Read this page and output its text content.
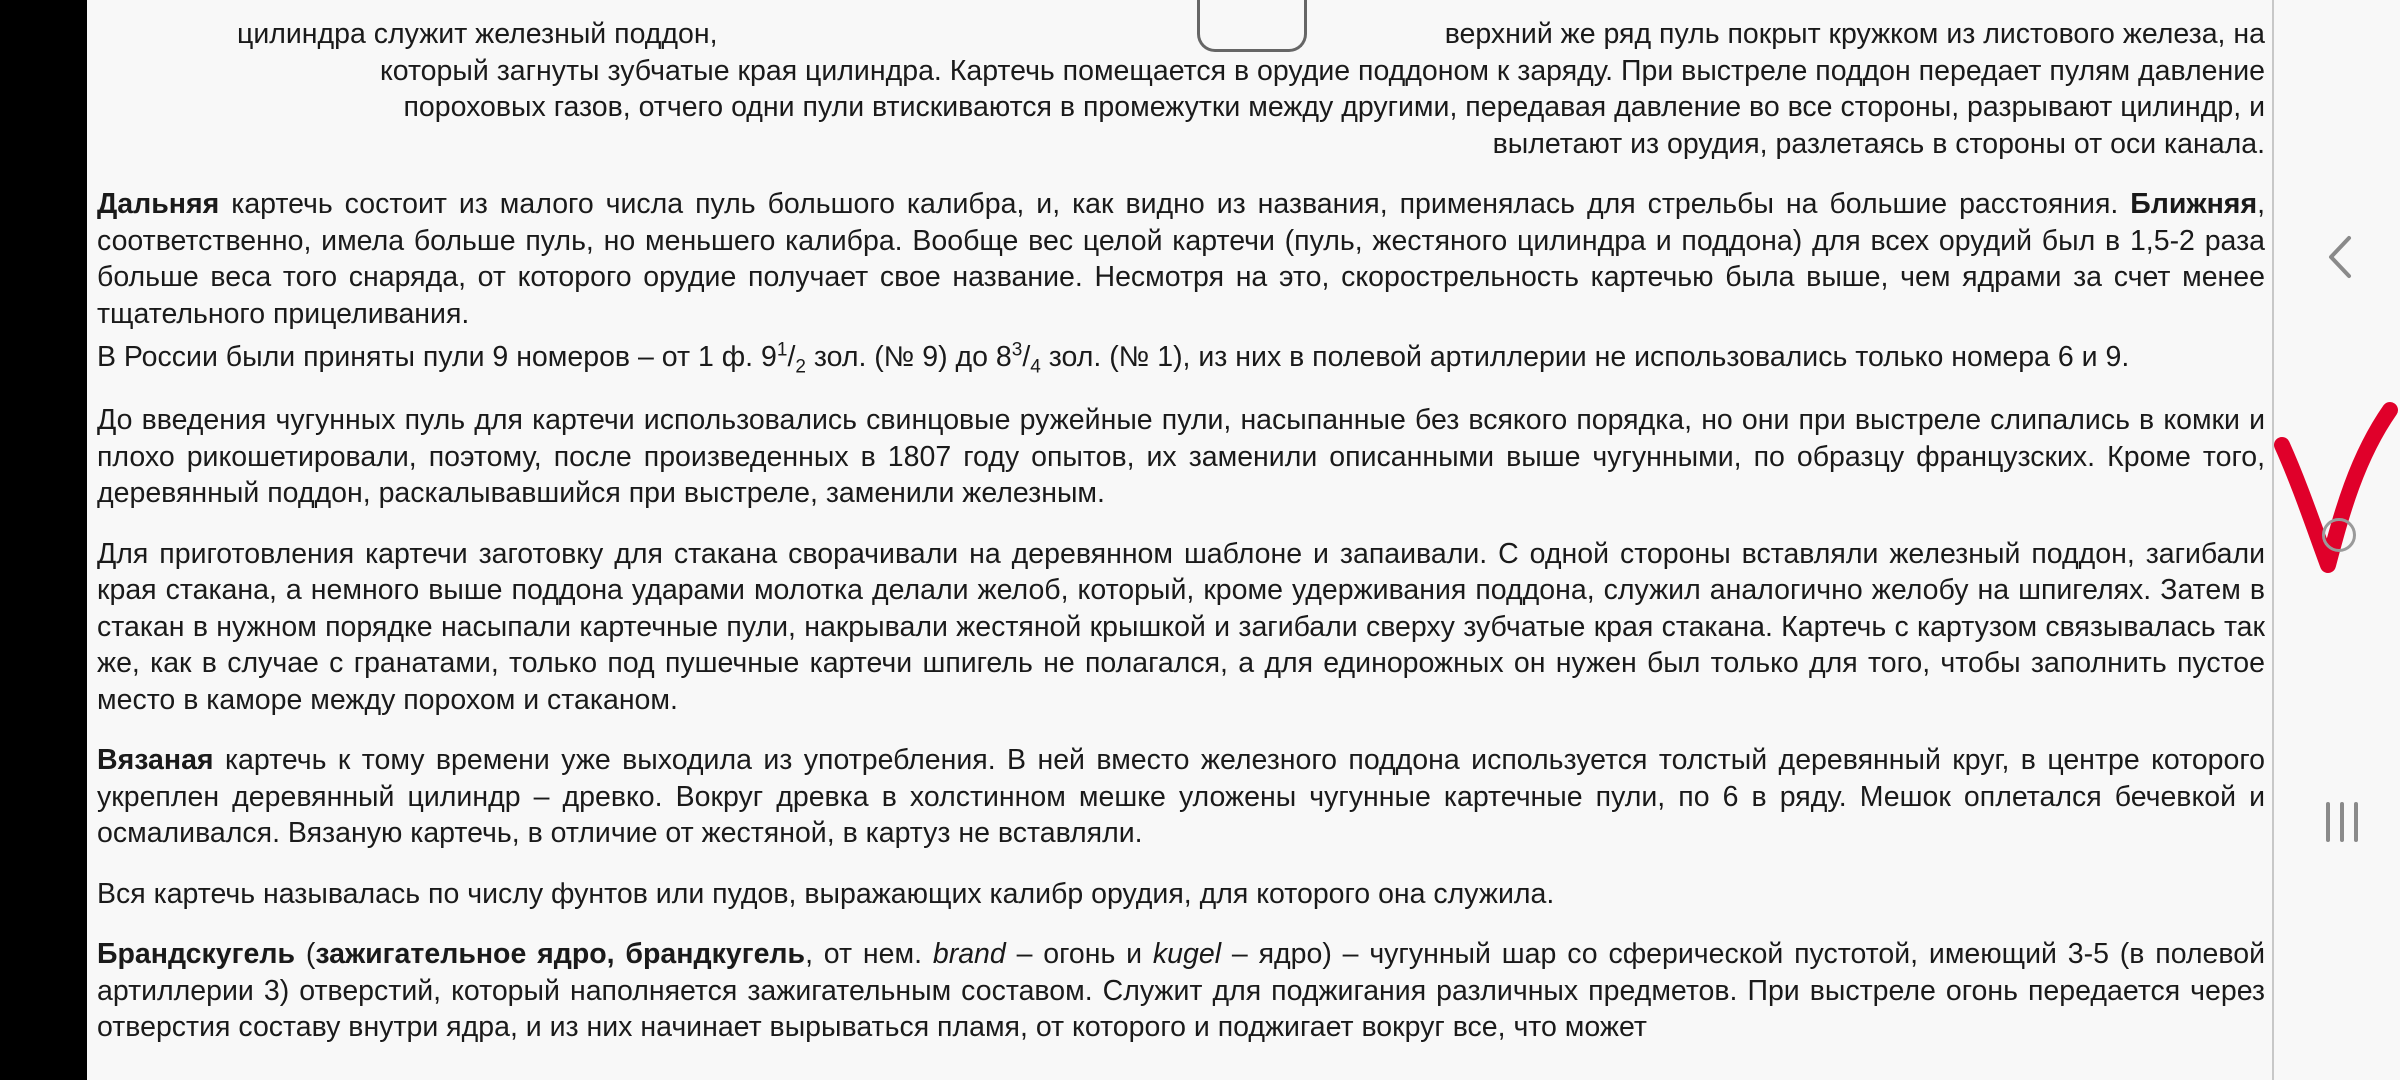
цилиндра служит железный поддон,	верхний же ряд пуль покрыт кружком из листового железа, на
который загнуты зубчатые края цилиндра. Картечь помещается в орудие поддоном к заряду. При выстреле поддон передает пулям давление
пороховых газов, отчего одни пули втискиваются в промежутки между другими, передавая давление во все стороны, разрывают цилиндр, и
вылетают из орудия, разлетаясь в стороны от оси канала.

Дальняя картечь состоит из малого числа пуль большого калибра, и, как видно из названия, применялась для стрельбы на большие расстояния. Ближняя, соответственно, имела больше пуль, но меньшего калибра. Вообще вес целой картечи (пуль, жестяного цилиндра и поддона) для всех орудий был в 1,5-2 раза больше веса того снаряда, от которого орудие получает свое название. Несмотря на это, скорострельность картечью была выше, чем ядрами за счет менее тщательного прицеливания.

В России были приняты пули 9 номеров – от 1 ф. $9^1/_2$ зол. (№ 9) до $8^3/_4$ зол. (№ 1), из них в полевой артиллерии не использовались только номера 6 и 9.

До введения чугунных пуль для картечи использовались свинцовые ружейные пули, насыпанные без всякого порядка, но они при выстреле слипались в комки и плохо рикошетировали, поэтому, после произведенных в 1807 году опытов, их заменили описанными выше чугунными, по образцу французских. Кроме того, деревянный поддон, раскалывавшийся при выстреле, заменили железным.

Для приготовления картечи заготовку для стакана сворачивали на деревянном шаблоне и запаивали. С одной стороны вставляли железный поддон, загибали края стакана, а немного выше поддона ударами молотка делали желоб, который, кроме удерживания поддона, служил аналогично желобу на шпигелях. Затем в стакан в нужном порядке насыпали картечные пули, накрывали жестяной крышкой и загибали сверху зубчатые края стакана. Картечь с картузом связывалась так же, как в случае с гранатами, только под пушечные картечи шпигель не полагался, а для единорожных он нужен был только для того, чтобы заполнить пустое место в каморе между порохом и стаканом.

Вязаная картечь к тому времени уже выходила из употребления. В ней вместо железного поддона используется толстый деревянный круг, в центре которого укреплен деревянный цилиндр – древко. Вокруг древка в холстинном мешке уложены чугунные картечные пули, по 6 в ряду. Мешок оплетался бечевкой и осмаливался. Вязаную картечь, в отличие от жестяной, в картуз не вставляли.

Вся картечь называлась по числу фунтов или пудов, выражающих калибр орудия, для которого она служила.

Брандскугель (зажигательное ядро, брандкугель, от нем. brand – огонь и kugel – ядро) – чугунный шар со сферической пустотой, имеющий 3-5 (в полевой артиллерии 3) отверстий, который наполняется зажигательным составом. Служит для поджигания различных предметов. При выстреле огонь передается через отверстия составу внутри ядра, и из них начинает вырываться пламя, от которого и поджигает вокруг все, что может
